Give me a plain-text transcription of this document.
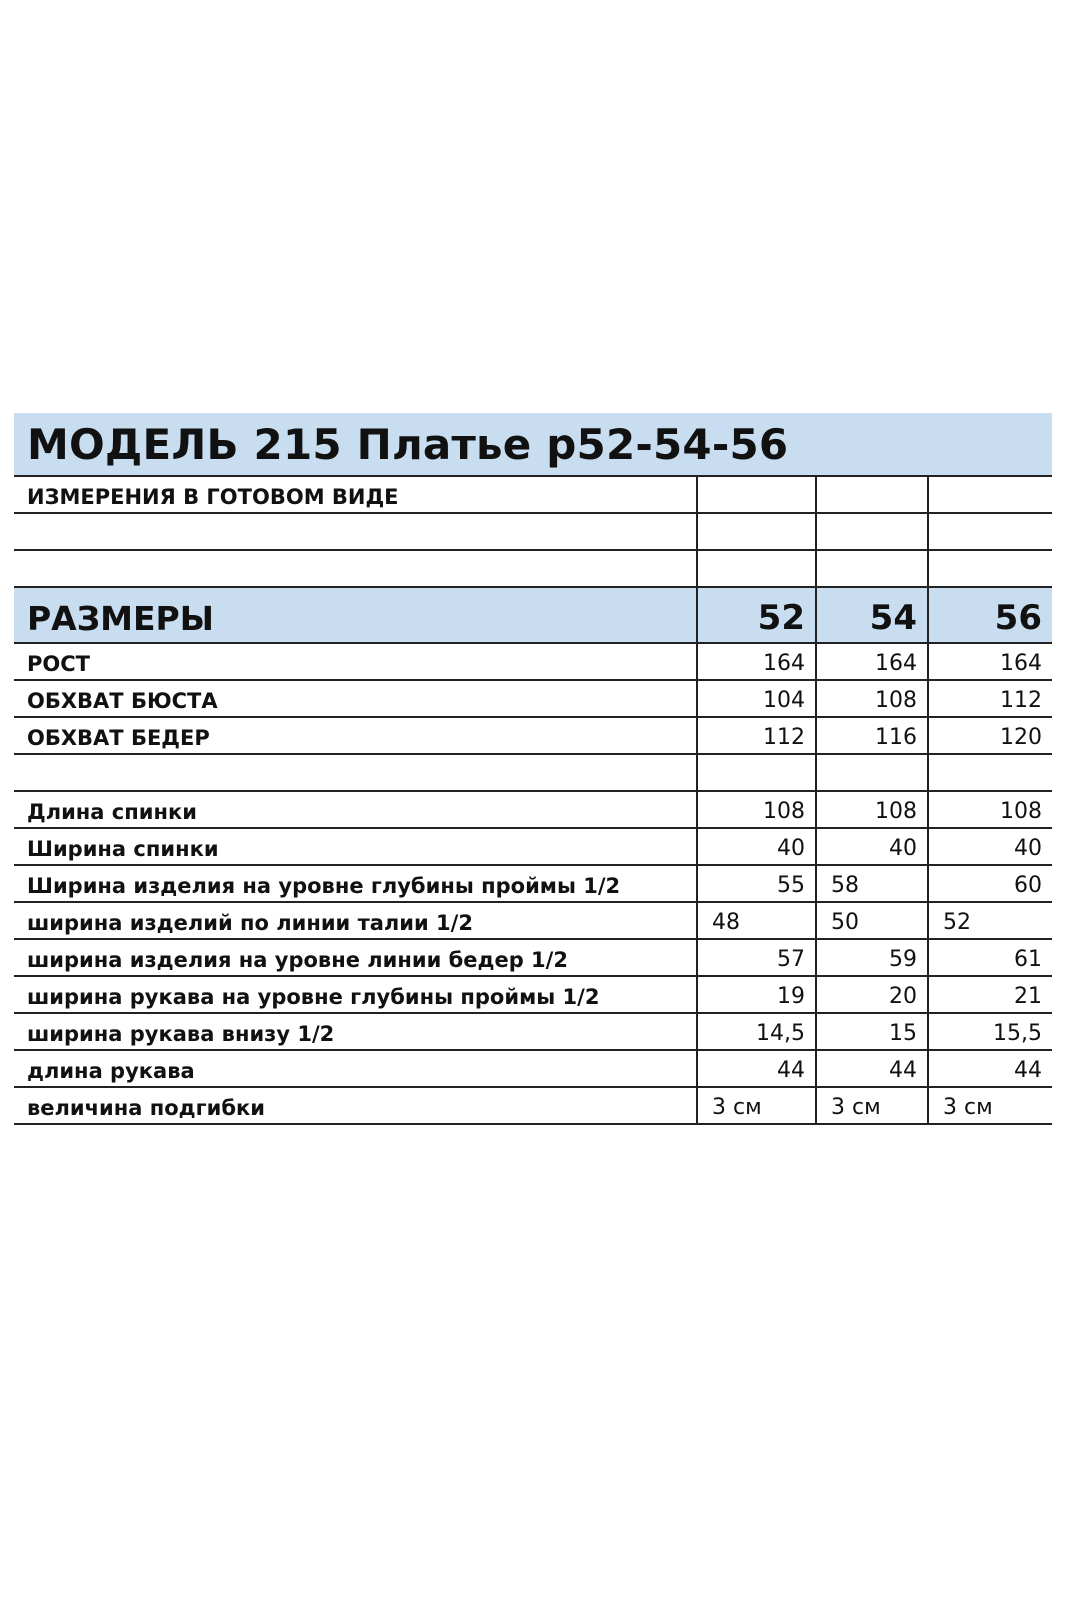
МОДЕЛЬ 215 Платье р52-54-56
ИЗМЕРЕНИЯ В ГОТОВОМ ВИДЕ			

РАЗМЕРЫ	52	54	56
РОСТ	164	164	164
ОБХВАТ БЮСТА	104	108	112
ОБХВАТ БЕДЕР	112	116	120

Длина спинки	108	108	108
Ширина спинки	40	40	40
Ширина изделия на уровне глубины проймы 1/2	55	58	60
ширина изделий по линии талии 1/2	48	50	52
ширина изделия на уровне линии бедер 1/2	57	59	61
ширина рукава на уровне глубины проймы 1/2	19	20	21
ширина рукава внизу 1/2	14,5	15	15,5
длина рукава	44	44	44
величина подгибки	3 см	3 см	3 см
